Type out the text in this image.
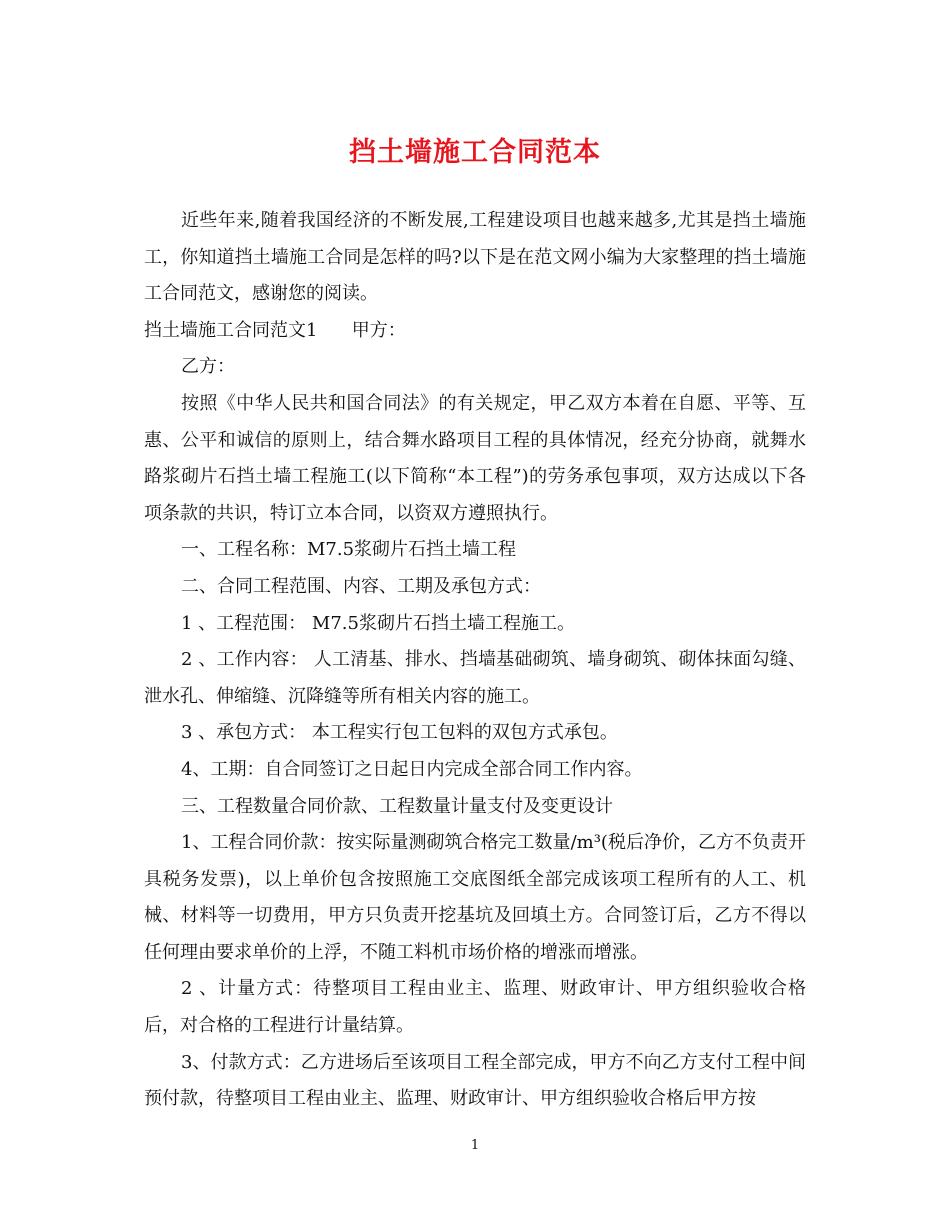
挡土墙施工合同范本

近些年来,随着我国经济的不断发展,工程建设项目也越来越多,尤其是挡土墙施工，你知道挡土墙施工合同是怎样的吗?以下是在范文网小编为大家整理的挡土墙施工合同范文，感谢您的阅读。

挡土墙施工合同范文1      甲方：

乙方：

按照《中华人民共和国合同法》的有关规定，甲乙双方本着在自愿、平等、互惠、公平和诚信的原则上，结合舞水路项目工程的具体情况，经充分协商，就舞水路浆砌片石挡土墙工程施工(以下简称“本工程”)的劳务承包事项，双方达成以下各项条款的共识，特订立本合同，以资双方遵照执行。

一、工程名称：M7.5浆砌片石挡土墙工程

二、合同工程范围、内容、工期及承包方式：

1 、工程范围： M7.5浆砌片石挡土墙工程施工。

2 、工作内容： 人工清基、排水、挡墙基础砌筑、墙身砌筑、砌体抹面勾缝、泄水孔、伸缩缝、沉降缝等所有相关内容的施工。

3 、承包方式： 本工程实行包工包料的双包方式承包。

4、工期：自合同签订之日起日内完成全部合同工作内容。

三、工程数量合同价款、工程数量计量支付及变更设计

1、工程合同价款：按实际量测砌筑合格完工数量/m³(税后净价，乙方不负责开具税务发票)，以上单价包含按照施工交底图纸全部完成该项工程所有的人工、机械、材料等一切费用，甲方只负责开挖基坑及回填土方。合同签订后，乙方不得以任何理由要求单价的上浮，不随工料机市场价格的增涨而增涨。

2 、计量方式：待整项目工程由业主、监理、财政审计、甲方组织验收合格后，对合格的工程进行计量结算。

3、付款方式：乙方进场后至该项目工程全部完成，甲方不向乙方支付工程中间预付款，待整项目工程由业主、监理、财政审计、甲方组织验收合格后甲方按

1
